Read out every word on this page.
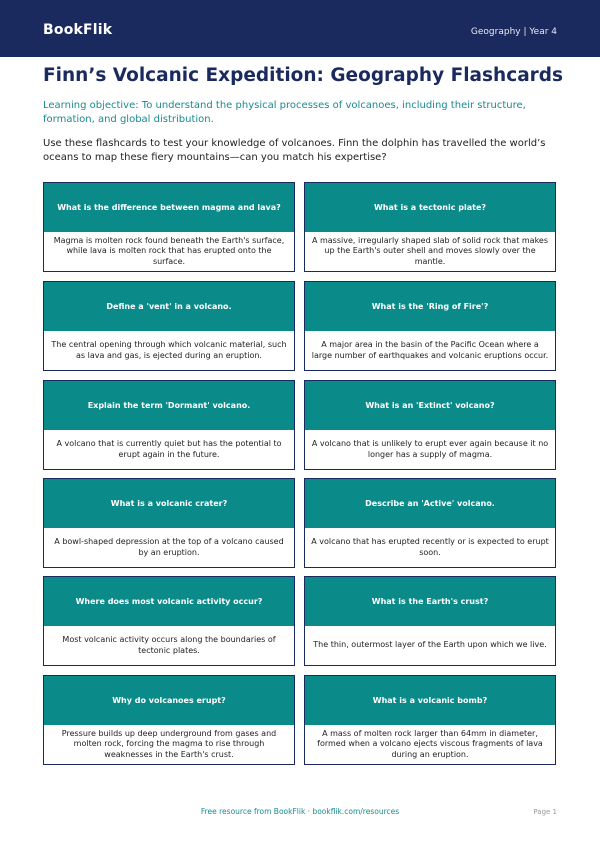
BookFlik	Geography | Year 4
Finn’s Volcanic Expedition: Geography Flashcards
Learning objective: To understand the physical processes of volcanoes, including their structure, formation, and global distribution.
Use these flashcards to test your knowledge of volcanoes. Finn the dolphin has travelled the world’s oceans to map these fiery mountains—can you match his expertise?
What is the difference between magma and lava?
Magma is molten rock found beneath the Earth's surface, while lava is molten rock that has erupted onto the surface.
What is a tectonic plate?
A massive, irregularly shaped slab of solid rock that makes up the Earth's outer shell and moves slowly over the mantle.
Define a 'vent' in a volcano.
The central opening through which volcanic material, such as lava and gas, is ejected during an eruption.
What is the 'Ring of Fire'?
A major area in the basin of the Pacific Ocean where a large number of earthquakes and volcanic eruptions occur.
Explain the term 'Dormant' volcano.
A volcano that is currently quiet but has the potential to erupt again in the future.
What is an 'Extinct' volcano?
A volcano that is unlikely to erupt ever again because it no longer has a supply of magma.
What is a volcanic crater?
A bowl-shaped depression at the top of a volcano caused by an eruption.
Describe an 'Active' volcano.
A volcano that has erupted recently or is expected to erupt soon.
Where does most volcanic activity occur?
Most volcanic activity occurs along the boundaries of tectonic plates.
What is the Earth's crust?
The thin, outermost layer of the Earth upon which we live.
Why do volcanoes erupt?
Pressure builds up deep underground from gases and molten rock, forcing the magma to rise through weaknesses in the Earth's crust.
What is a volcanic bomb?
A mass of molten rock larger than 64mm in diameter, formed when a volcano ejects viscous fragments of lava during an eruption.
Free resource from BookFlik · bookflik.com/resources	Page 1
